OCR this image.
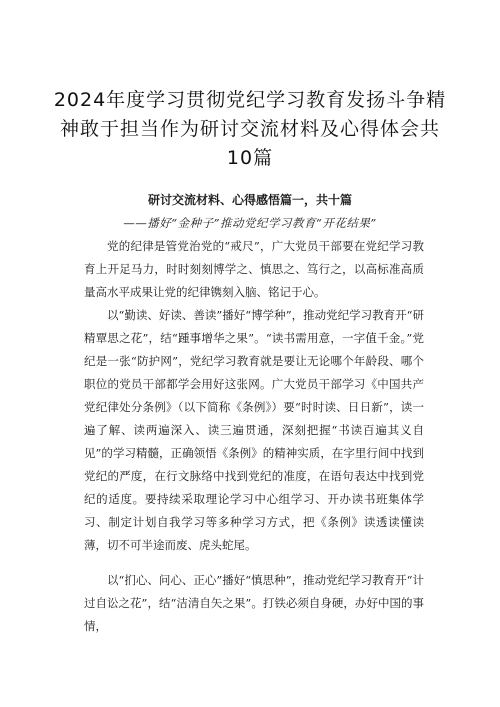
2024年度学习贯彻党纪学习教育发扬斗争精神敢于担当作为研讨交流材料及心得体会共10篇
研讨交流材料、心得感悟篇一，共十篇
——播好“金种子”推动党纪学习教育“开花结果”

党的纪律是管党治党的“戒尺”，广大党员干部要在党纪学习教育上开足马力，时时刻刻博学之、慎思之、笃行之，以高标准高质量高水平成果让党的纪律镌刻入脑、铭记于心。

以“勤读、好读、善读”播好“博学种”，推动党纪学习教育开“研精覃思之花”，结“踵事增华之果”。“读书需用意，一字值千金。”党纪是一张“防护网”，党纪学习教育就是要让无论哪个年龄段、哪个职位的党员干部都学会用好这张网。广大党员干部学习《中国共产党纪律处分条例》（以下简称《条例》）要“时时读、日日新”，读一遍了解、读两遍深入、读三遍贯通，深刻把握“书读百遍其义自见”的学习精髓，正确领悟《条例》的精神实质，在字里行间中找到党纪的严度，在行文脉络中找到党纪的准度，在语句表达中找到党纪的适度。要持续采取理论学习中心组学习、开办读书班集体学习、制定计划自我学习等多种学习方式，把《条例》读透读懂读薄，切不可半途而废、虎头蛇尾。

以“扪心、问心、正心”播好“慎思种”，推动党纪学习教育开“计过自讼之花”，结“洁清自矢之果”。打铁必须自身硬，办好中国的事情，
